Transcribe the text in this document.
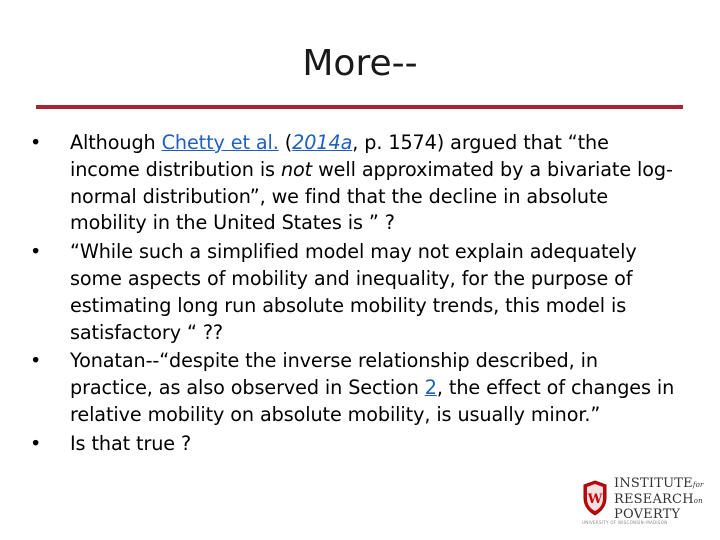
More--
• Although Chetty et al. (2014a, p. 1574) argued that “the income distribution is not well approximated by a bivariate log-normal distribution”, we find that the decline in absolute mobility in the United States is ” ?
• “While such a simplified model may not explain adequately some aspects of mobility and inequality, for the purpose of estimating long run absolute mobility trends, this model is satisfactory “ ??
• Yonatan--“despite the inverse relationship described, in practice, as also observed in Section 2, the effect of changes in relative mobility on absolute mobility, is usually minor.”
• Is that true ?
W
INSTITUTEfor
RESEARCHon
POVERTY
UNIVERSITY OF WISCONSIN–MADISON
